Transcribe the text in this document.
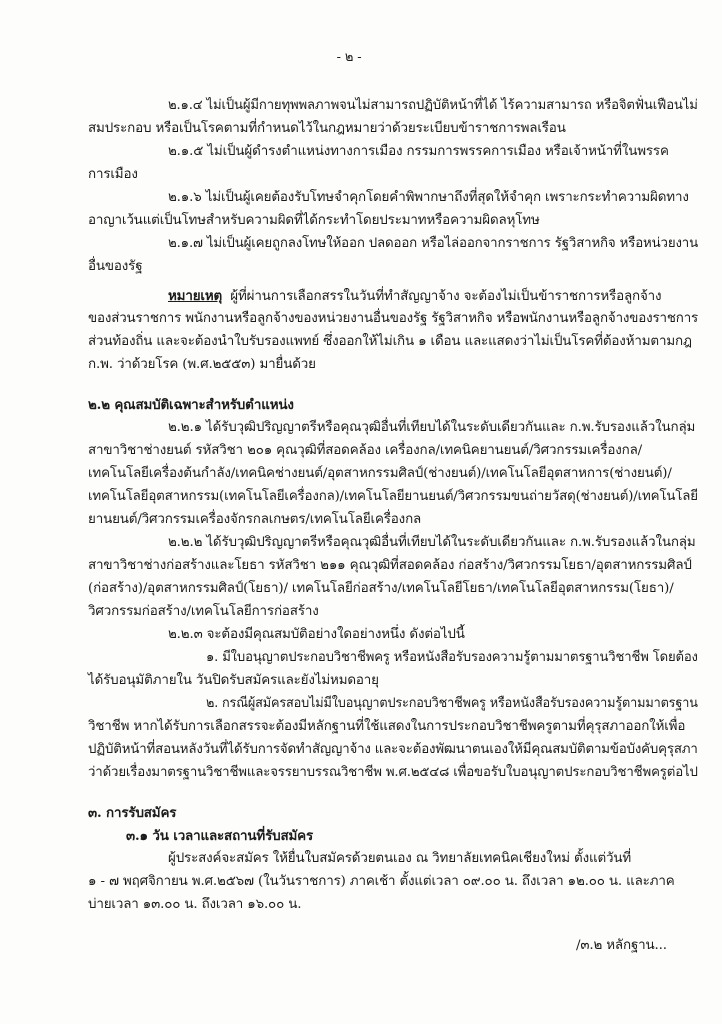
- ๒ -
๒.๑.๔ ไม่เป็นผู้มีกายทุพพลภาพจนไม่สามารถปฏิบัติหน้าที่ได้ ไร้ความสามารถ หรือจิตฟั่นเฟือนไม่
สมประกอบ หรือเป็นโรคตามที่กำหนดไว้ในกฎหมายว่าด้วยระเบียบข้าราชการพลเรือน
๒.๑.๕ ไม่เป็นผู้ดำรงตำแหน่งทางการเมือง กรรมการพรรคการเมือง หรือเจ้าหน้าที่ในพรรค
การเมือง
๒.๑.๖ ไม่เป็นผู้เคยต้องรับโทษจำคุกโดยคำพิพากษาถึงที่สุดให้จำคุก เพราะกระทำความผิดทาง
อาญาเว้นแต่เป็นโทษสำหรับความผิดที่ได้กระทำโดยประมาทหรือความผิดลหุโทษ
๒.๑.๗ ไม่เป็นผู้เคยถูกลงโทษให้ออก ปลดออก หรือไล่ออกจากราชการ รัฐวิสาหกิจ หรือหน่วยงาน
อื่นของรัฐ
หมายเหตุ ผู้ที่ผ่านการเลือกสรรในวันที่ทำสัญญาจ้าง จะต้องไม่เป็นข้าราชการหรือลูกจ้าง
ของส่วนราชการ พนักงานหรือลูกจ้างของหน่วยงานอื่นของรัฐ รัฐวิสาหกิจ หรือพนักงานหรือลูกจ้างของราชการ
ส่วนท้องถิ่น และจะต้องนำใบรับรองแพทย์ ซึ่งออกให้ไม่เกิน ๑ เดือน และแสดงว่าไม่เป็นโรคที่ต้องห้ามตามกฎ
ก.พ. ว่าด้วยโรค (พ.ศ.๒๕๕๓) มายื่นด้วย
๒.๒ คุณสมบัติเฉพาะสำหรับตำแหน่ง
๒.๒.๑ ได้รับวุฒิปริญญาตรีหรือคุณวุฒิอื่นที่เทียบได้ในระดับเดียวกันและ ก.พ.รับรองแล้วในกลุ่ม
สาขาวิชาช่างยนต์ รหัสวิชา ๒๐๑ คุณวุฒิที่สอดคล้อง เครื่องกล/เทคนิคยานยนต์/วิศวกรรมเครื่องกล/
เทคโนโลยีเครื่องต้นกำลัง/เทคนิคช่างยนต์/อุตสาหกรรมศิลป์(ช่างยนต์)/เทคโนโลยีอุตสาหการ(ช่างยนต์)/
เทคโนโลยีอุตสาหกรรม(เทคโนโลยีเครื่องกล)/เทคโนโลยียานยนต์/วิศวกรรมขนถ่ายวัสดุ(ช่างยนต์)/เทคโนโลยี
ยานยนต์/วิศวกรรมเครื่องจักรกลเกษตร/เทคโนโลยีเครื่องกล
๒.๒.๒ ได้รับวุฒิปริญญาตรีหรือคุณวุฒิอื่นที่เทียบได้ในระดับเดียวกันและ ก.พ.รับรองแล้วในกลุ่ม
สาขาวิชาช่างก่อสร้างและโยธา รหัสวิชา ๒๑๑ คุณวุฒิที่สอดคล้อง ก่อสร้าง/วิศวกรรมโยธา/อุตสาหกรรมศิลป์
(ก่อสร้าง)/อุตสาหกรรมศิลป์(โยธา)/ เทคโนโลยีก่อสร้าง/เทคโนโลยีโยธา/เทคโนโลยีอุตสาหกรรม(โยธา)/
วิศวกรรมก่อสร้าง/เทคโนโลยีการก่อสร้าง
๒.๒.๓ จะต้องมีคุณสมบัติอย่างใดอย่างหนึ่ง ดังต่อไปนี้
๑. มีใบอนุญาตประกอบวิชาชีพครู หรือหนังสือรับรองความรู้ตามมาตรฐานวิชาชีพ โดยต้อง
ได้รับอนุมัติภายใน วันปิดรับสมัครและยังไม่หมดอายุ
๒. กรณีผู้สมัครสอบไม่มีใบอนุญาตประกอบวิชาชีพครู หรือหนังสือรับรองความรู้ตามมาตรฐาน
วิชาชีพ หากได้รับการเลือกสรรจะต้องมีหลักฐานที่ใช้แสดงในการประกอบวิชาชีพครูตามที่คุรุสภาออกให้เพื่อ
ปฏิบัติหน้าที่สอนหลังวันที่ได้รับการจัดทำสัญญาจ้าง และจะต้องพัฒนาตนเองให้มีคุณสมบัติตามข้อบังคับคุรุสภา
ว่าด้วยเรื่องมาตรฐานวิชาชีพและจรรยาบรรณวิชาชีพ พ.ศ.๒๕๔๘ เพื่อขอรับใบอนุญาตประกอบวิชาชีพครูต่อไป
๓. การรับสมัคร
๓.๑ วัน เวลาและสถานที่รับสมัคร
ผู้ประสงค์จะสมัคร ให้ยื่นใบสมัครด้วยตนเอง ณ วิทยาลัยเทคนิคเชียงใหม่ ตั้งแต่วันที่
๑ - ๗ พฤศจิกายน พ.ศ.๒๕๖๗ (ในวันราชการ) ภาคเช้า ตั้งแต่เวลา ๐๙.๐๐ น. ถึงเวลา ๑๒.๐๐ น. และภาค
บ่ายเวลา ๑๓.๐๐ น. ถึงเวลา ๑๖.๐๐ น.
/๓.๒ หลักฐาน...
